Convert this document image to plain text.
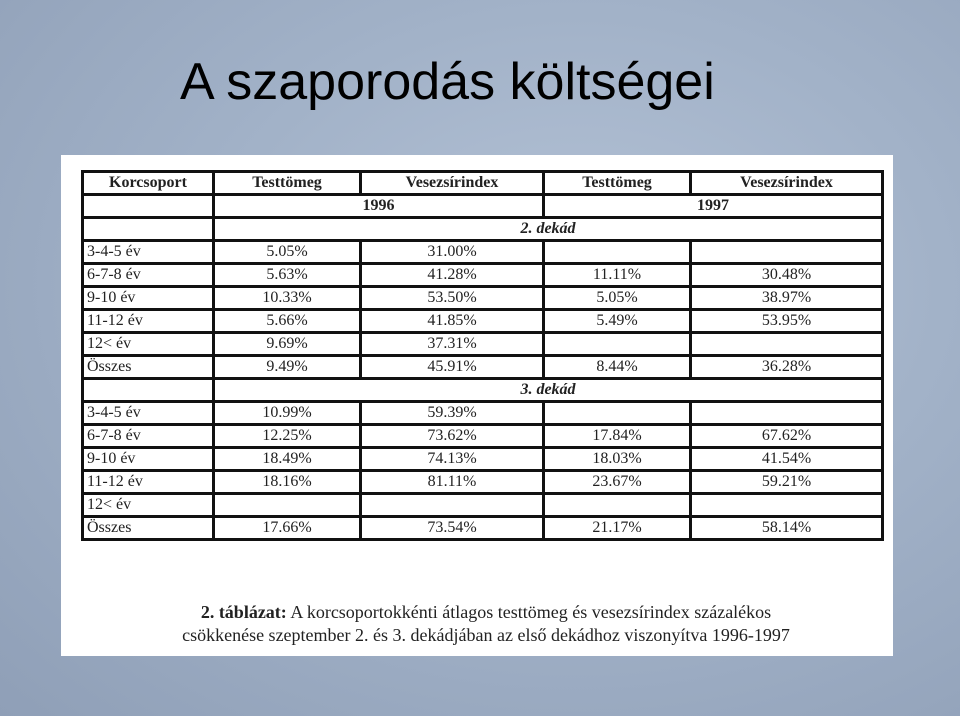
A szaporodás költségei
Korcsoport	Testtömeg	Vesezsírindex	Testtömeg	Vesezsírindex
	1996		1997	
	2. dekád			
3-4-5 év	5.05%	31.00%		
6-7-8 év	5.63%	41.28%	11.11%	30.48%
9-10 év	10.33%	53.50%	5.05%	38.97%
11-12 év	5.66%	41.85%	5.49%	53.95%
12< év	9.69%	37.31%		
Összes	9.49%	45.91%	8.44%	36.28%
	3. dekád			
3-4-5 év	10.99%	59.39%		
6-7-8 év	12.25%	73.62%	17.84%	67.62%
9-10 év	18.49%	74.13%	18.03%	41.54%
11-12 év	18.16%	81.11%	23.67%	59.21%
12< év				
Összes	17.66%	73.54%	21.17%	58.14%
2. táblázat: A korcsoportokkénti átlagos testtömeg és vesezsírindex százalékos
csökkenése szeptember 2. és 3. dekádjában az első dekádhoz viszonyítva 1996-1997
